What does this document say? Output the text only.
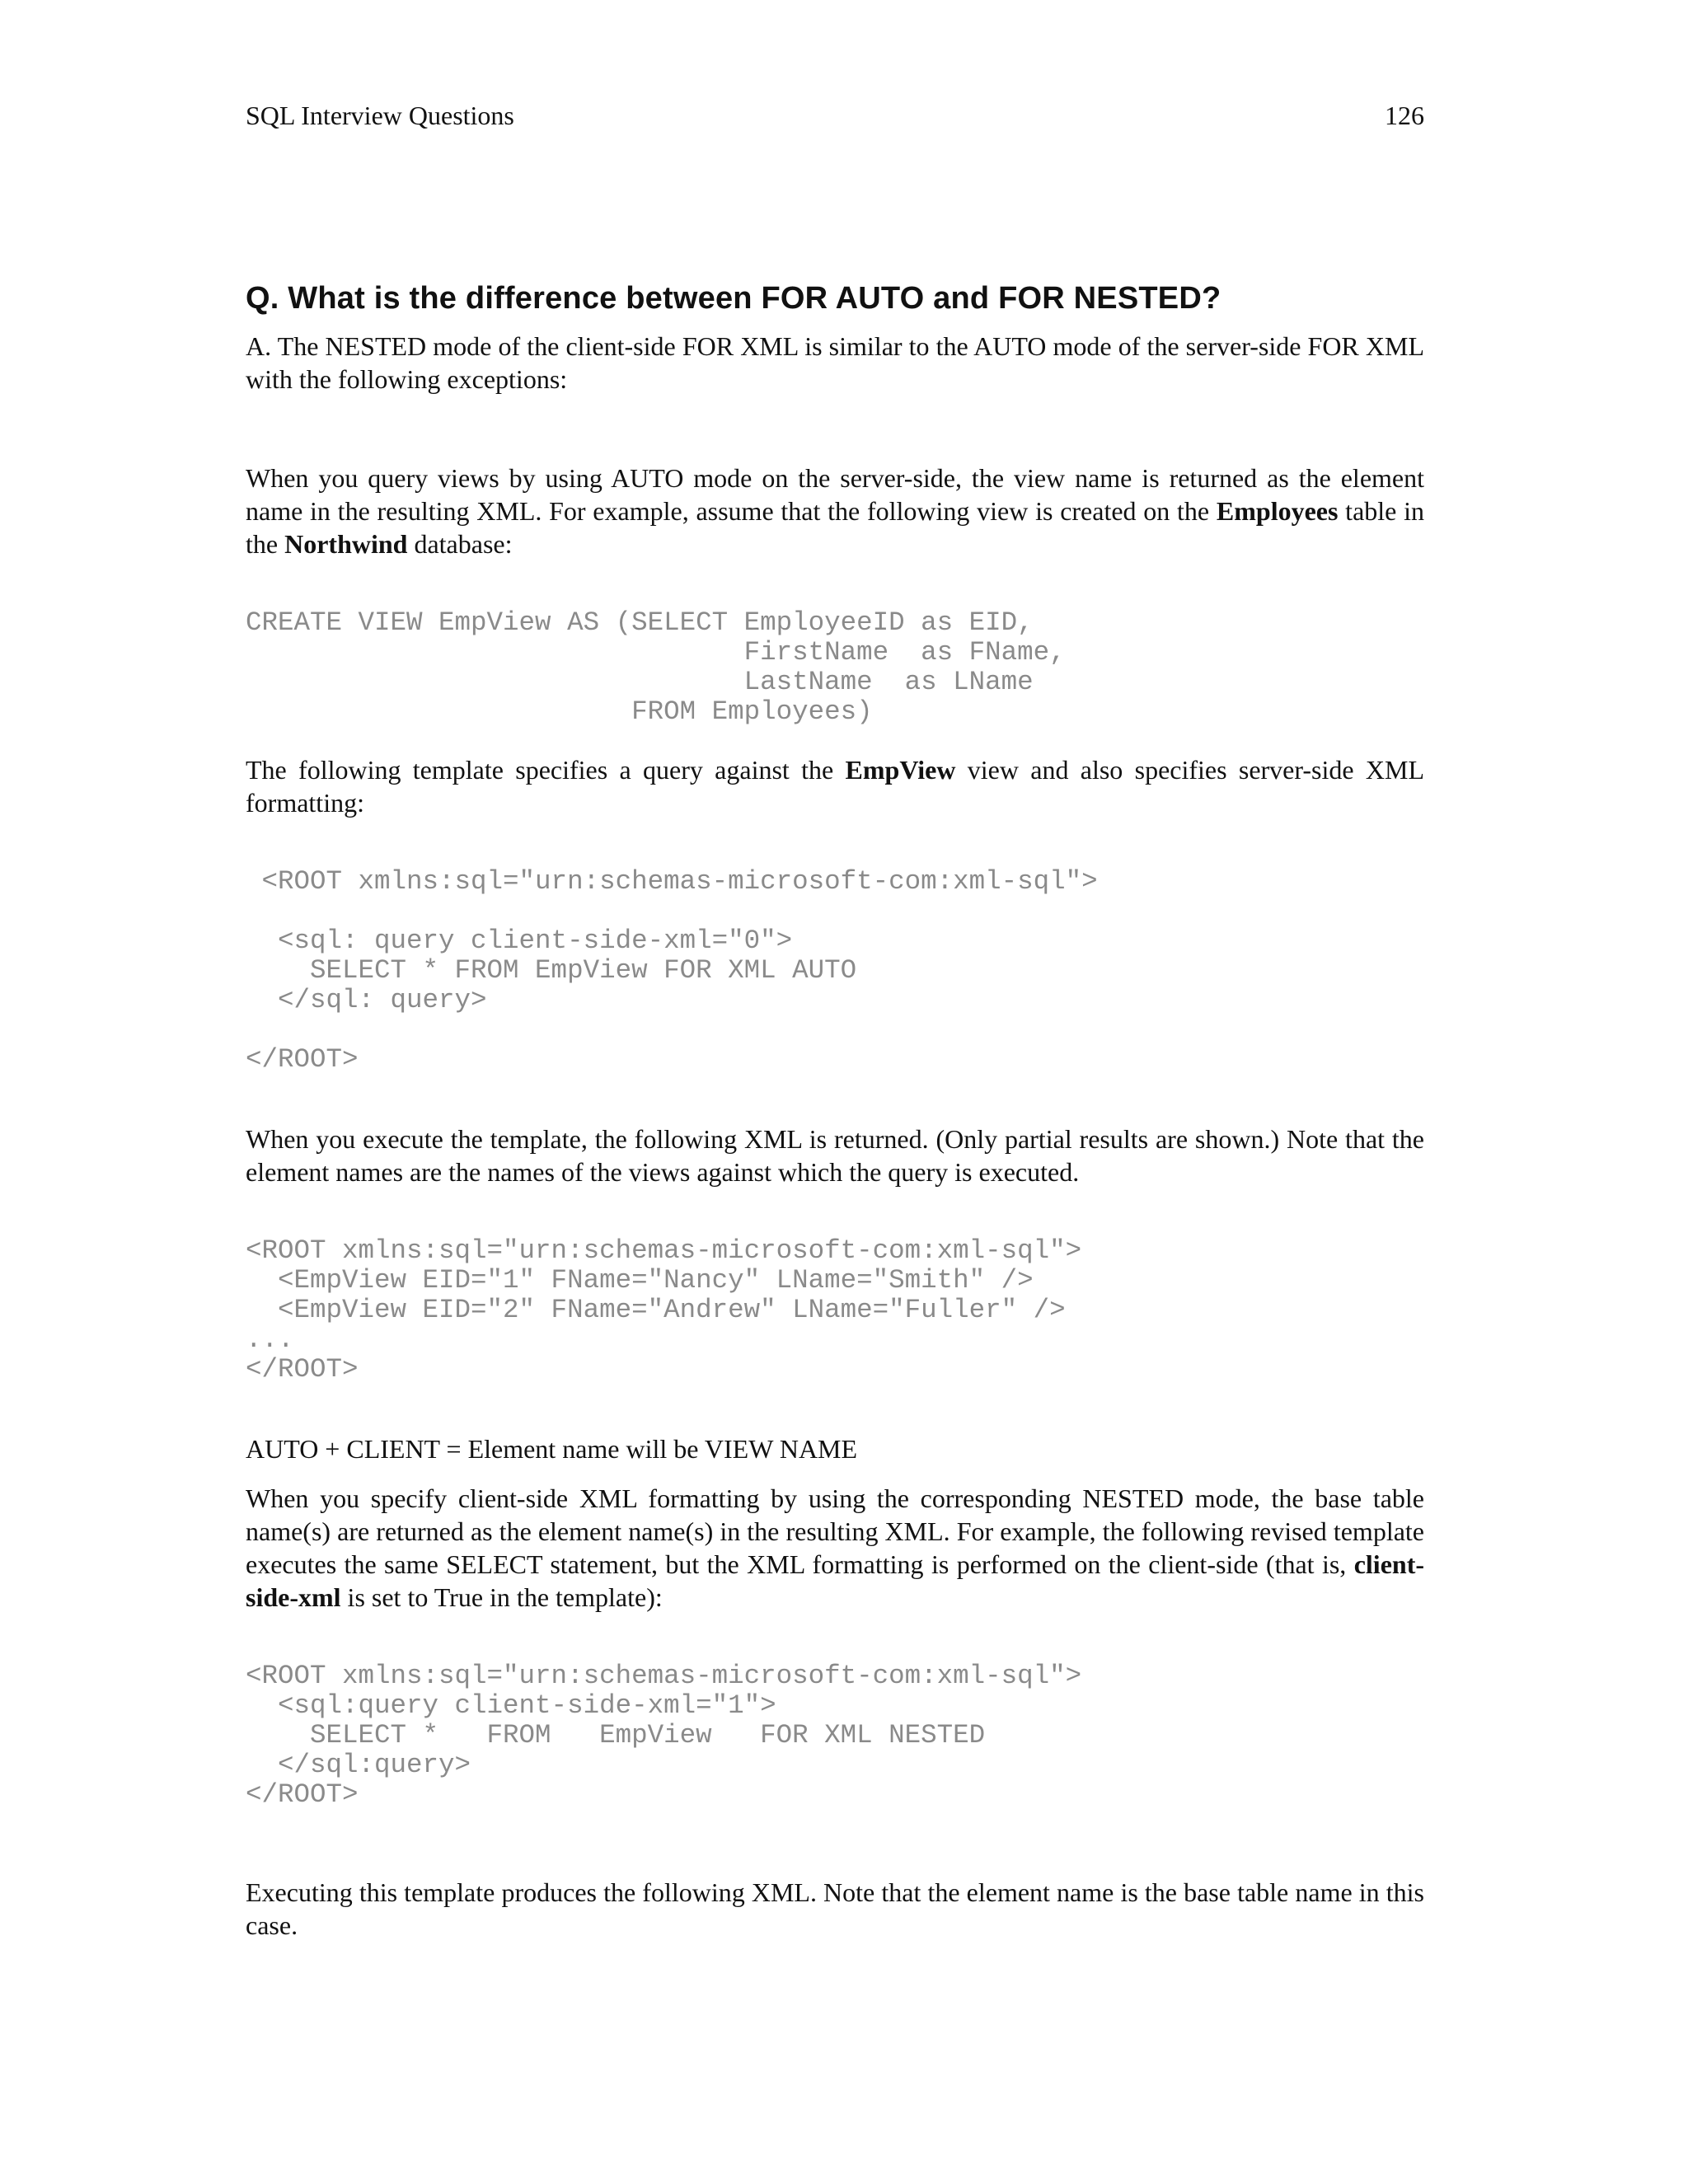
SQL Interview Questions	126
Q. What is the difference between FOR AUTO and FOR NESTED?

A. The NESTED mode of the client-side FOR XML is similar to the AUTO mode of the server-side FOR XML with the following exceptions:

When you query views by using AUTO mode on the server-side, the view name is returned as the element name in the resulting XML. For example, assume that the following view is created on the Employees table in the Northwind database:

CREATE VIEW EmpView AS (SELECT EmployeeID as EID,
FirstName  as FName,
LastName  as LName
FROM Employees)

The following template specifies a query against the EmpView view and also specifies server-side XML formatting:

<ROOT xmlns:sql="urn:schemas-microsoft-com:xml-sql">
<sql: query client-side-xml="0">
SELECT * FROM EmpView FOR XML AUTO
</sql: query>
</ROOT>

When you execute the template, the following XML is returned. (Only partial results are shown.) Note that the element names are the names of the views against which the query is executed.

<ROOT xmlns:sql="urn:schemas-microsoft-com:xml-sql">
<EmpView EID="1" FName="Nancy" LName="Smith" />
<EmpView EID="2" FName="Andrew" LName="Fuller" />
...
</ROOT>

AUTO + CLIENT = Element name will be VIEW NAME

When you specify client-side XML formatting by using the corresponding NESTED mode, the base table name(s) are returned as the element name(s) in the resulting XML. For example, the following revised template executes the same SELECT statement, but the XML formatting is performed on the client-side (that is, client-side-xml is set to True in the template):

<ROOT xmlns:sql="urn:schemas-microsoft-com:xml-sql">
<sql:query client-side-xml="1">
SELECT *   FROM   EmpView   FOR XML NESTED
</sql:query>
</ROOT>

Executing this template produces the following XML. Note that the element name is the base table name in this case.
